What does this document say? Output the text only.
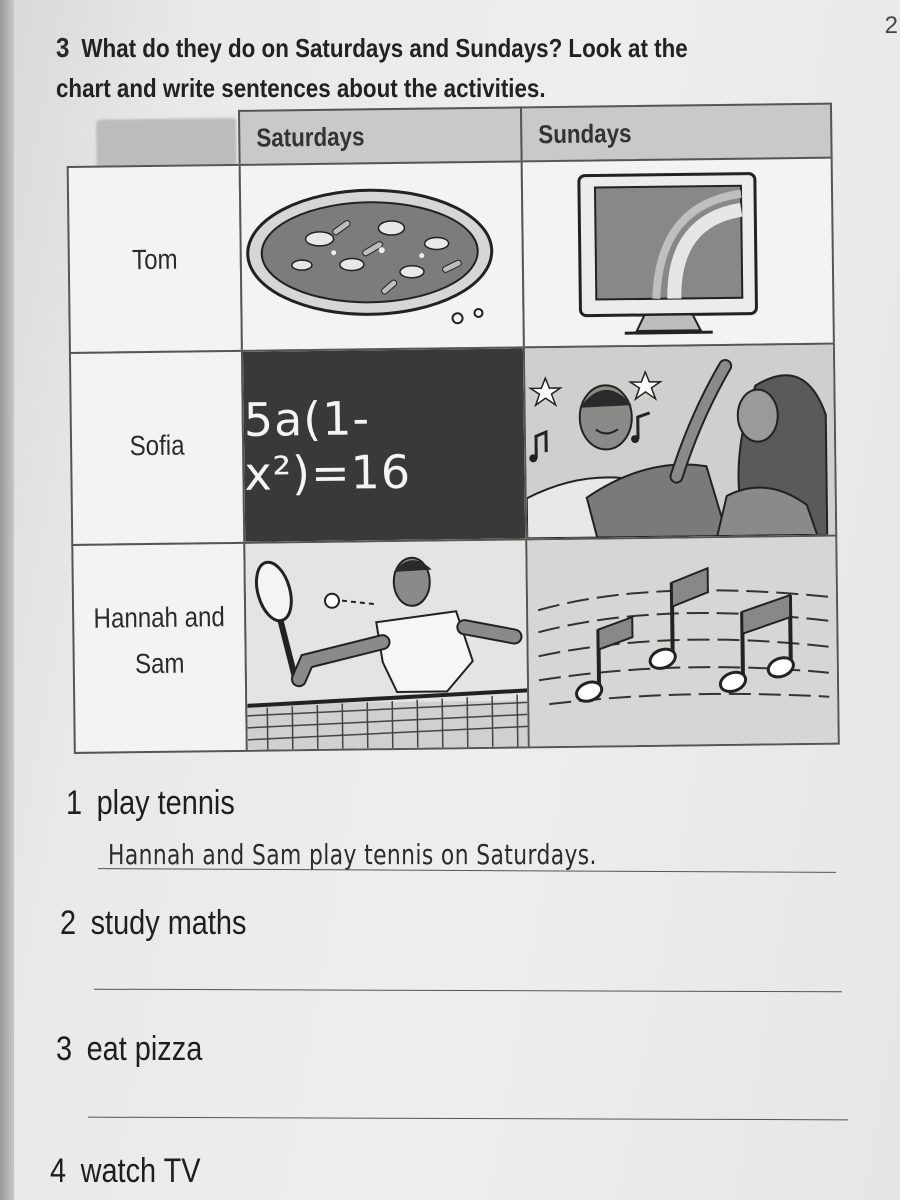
2
3 What do they do on Saturdays and Sundays? Look at the chart and write sentences about the activities.
Saturdays	Sundays
Tom
Sofia	5a(1-x²)=16
Hannah and Sam
1 play tennis
Hannah and Sam play tennis on Saturdays.
2 study maths
3 eat pizza
4 watch TV
